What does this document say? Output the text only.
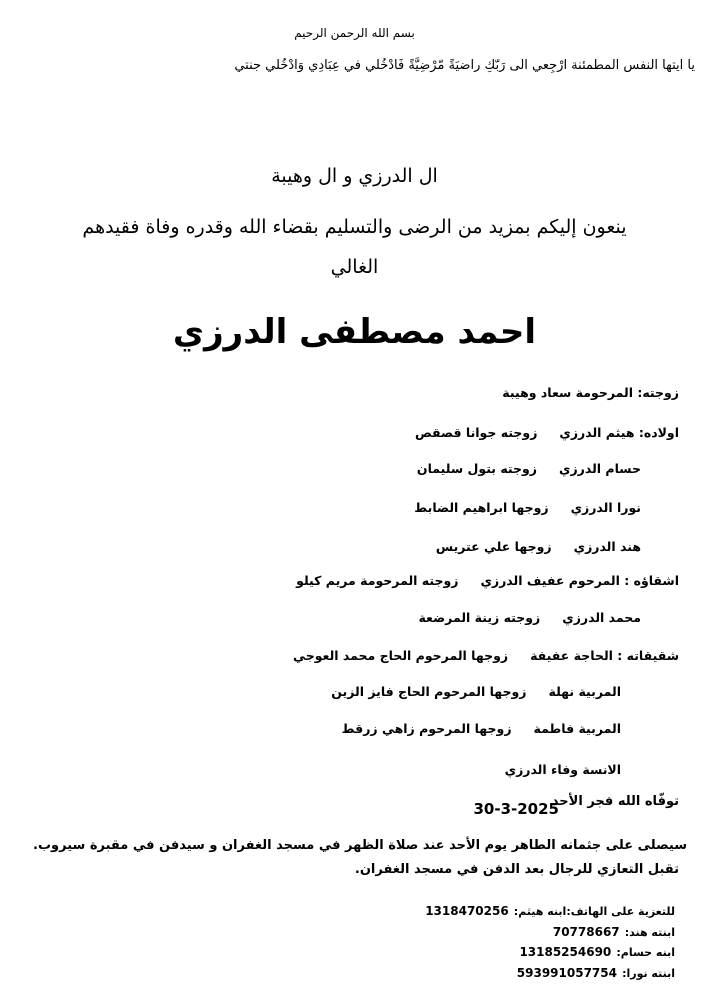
بسم الله الرحمن الرحيم
يا ايتها النفس المطمئنة ارْجِعي الى رَبّكِ راضيَةً مّرْضِيَّةً فَادْخُلي في عِبَادِي وَادْخُلي جنتي
ال الدرزي و ال وهيبة
ينعون إليكم بمزيد من الرضى والتسليم بقضاء الله وقدره وفاة فقيدهم
الغالي
احمد مصطفى الدرزي
زوجته: المرحومة سعاد وهيبة
اولاده: هيثم الدرزيزوجته جوانا قصقص
حسام الدرزيزوجته بتول سليمان
نورا الدرزيزوجها ابراهيم الضابط
هند الدرزيزوجها علي عتريس
اشقاؤه : المرحوم عفيف الدرزيزوجته المرحومة مريم كيلو
محمد الدرزيزوجته زينة المرضعة
شقيقاته : الحاجة عفيفةزوجها المرحوم الحاج محمد العوجي
المربية نهلةزوجها المرحوم الحاج فايز الزين
المربية فاطمةزوجها المرحوم زاهي زرقط
الانسة وفاء الدرزي
توفّاه الله فجر الأحد
30-3-2025
سيصلى على جثمانه الطاهر يوم الأحد عند صلاة الظهر في مسجد الغفران و سيدفن في مقبرة سيروب.
تقبل التعازي للرجال بعد الدفن في مسجد الغفران.
للتعزية على الهاتف:ابنه هيثم: 1318470256
ابنته هند: 70778667
ابنه حسام: 13185254690
ابنته نورا: 593991057754
